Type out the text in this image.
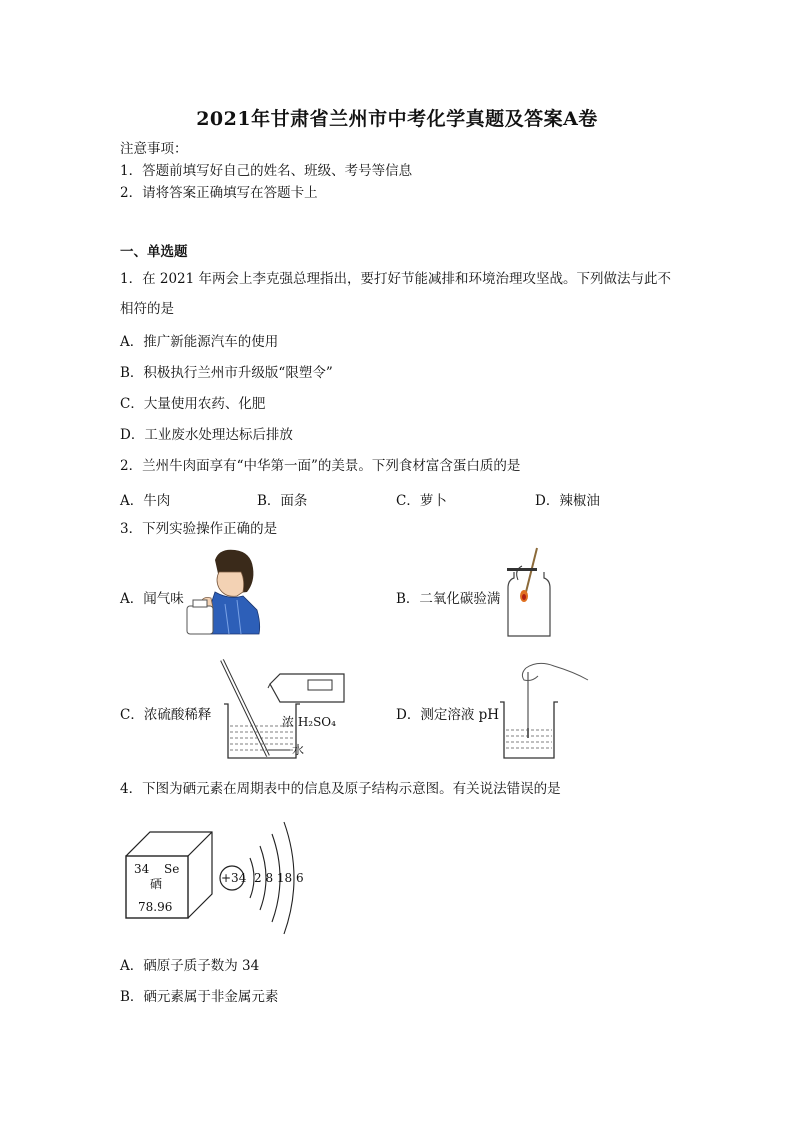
2021年甘肃省兰州市中考化学真题及答案A卷
注意事项：
1．答题前填写好自己的姓名、班级、考号等信息
2．请将答案正确填写在答题卡上
一、单选题
1．在 2021 年两会上李克强总理指出，要打好节能减排和环境治理攻坚战。下列做法与此不
相符的是
A．推广新能源汽车的使用
B．积极执行兰州市升级版“限塑令”
C．大量使用农药、化肥
D．工业废水处理达标后排放
2．兰州牛肉面享有“中华第一面”的美景。下列食材富含蛋白质的是
A．牛肉	B．面条	C．萝卜	D．辣椒油
3．下列实验操作正确的是
A．闻气味	B．二氧化碳验满
C．浓硫酸稀释	浓 H₂SO₄
水
D．测定溶液 pH
4．下图为硒元素在周期表中的信息及原子结构示意图。有关说法错误的是
34 Se
硒
78.96
+34 2 8 18 6
A．硒原子质子数为 34
B．硒元素属于非金属元素
